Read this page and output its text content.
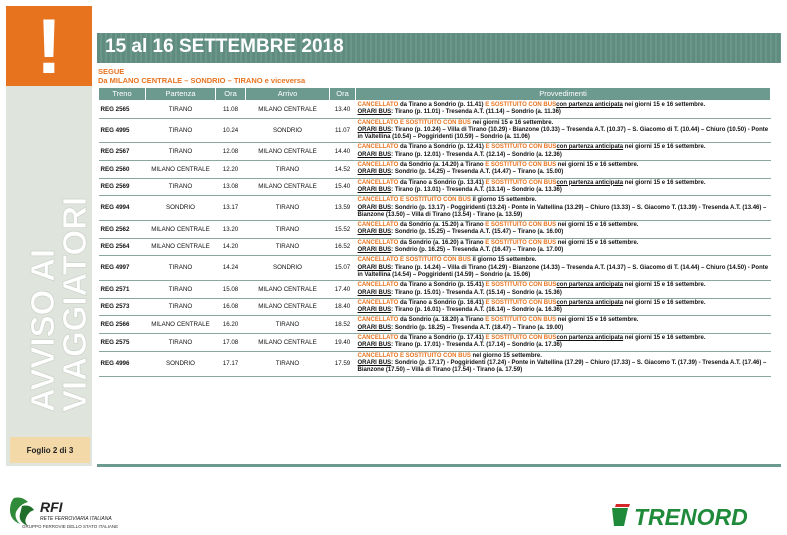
!
AVVISO AI
VIAGGIATORI
Foglio 2 di 3
15 al 16 SETTEMBRE 2018
SEGUE
Da MILANO CENTRALE – SONDRIO – TIRANO e viceversa
Treno	Partenza	Ora	Arrivo	Ora	Provvedimenti
REG 2565	TIRANO	11.08	MILANO CENTRALE	13.40	CANCELLATO da Tirano a Sondrio (p. 11.41) E SOSTITUITO CON BUScon partenza anticipata nei giorni 15 e 16 settembre.
ORARI BUS: Tirano (p. 11.01) - Tresenda A.T. (11.14) – Sondrio (a. 11.36)
REG 4995	TIRANO	10.24	SONDRIO	11.07	CANCELLATO E SOSTITUITO CON BUS nei giorni 15 e 16 settembre.
ORARI BUS: Tirano (p. 10.24) – Villa di Tirano (10.29) - Bianzone (10.33) – Tresenda A.T. (10.37) – S. Giacomo di T. (10.44) – Chiuro (10.50) - Ponte in Valtellina (10.54) – Poggiridenti (10.59) – Sondrio (a. 11.06)
REG 2567	TIRANO	12.08	MILANO CENTRALE	14.40	CANCELLATO da Tirano a Sondrio (p. 12.41) E SOSTITUITO CON BUScon partenza anticipata nei giorni 15 e 16 settembre.
ORARI BUS: Tirano (p. 12.01) - Tresenda A.T. (12.14) – Sondrio (a. 12.36)
REG 2560	MILANO CENTRALE	12.20	TIRANO	14.52	CANCELLATO da Sondrio (a. 14.20) a Tirano E SOSTITUITO CON BUS nei giorni 15 e 16 settembre.
ORARI BUS: Sondrio (p. 14.25) – Tresenda A.T. (14.47) – Tirano (a. 15.00)
REG 2569	TIRANO	13.08	MILANO CENTRALE	15.40	CANCELLATO da Tirano a Sondrio (p. 13.41) E SOSTITUITO CON BUScon partenza anticipata nei giorni 15 e 16 settembre.
ORARI BUS: Tirano (p. 13.01) - Tresenda A.T. (13.14) – Sondrio (a. 13.36)
REG 4994	SONDRIO	13.17	TIRANO	13.59	CANCELLATO E SOSTITUITO CON BUS il giorno 15 settembre.
ORARI BUS: Sondrio (p. 13.17) - Poggiridenti (13.24) - Ponte in Valtellina (13.29) – Chiuro (13.33) – S. Giacomo T. (13.39) - Tresenda A.T. (13.46) – Bianzone (13.50) – Villa di Tirano (13.54) - Tirano (a. 13.59)
REG 2562	MILANO CENTRALE	13.20	TIRANO	15.52	CANCELLATO da Sondrio (a. 15.20) a Tirano E SOSTITUITO CON BUS nei giorni 15 e 16 settembre.
ORARI BUS: Sondrio (p. 15.25) – Tresenda A.T. (15.47) – Tirano (a. 16.00)
REG 2564	MILANO CENTRALE	14.20	TIRANO	16.52	CANCELLATO da Sondrio (a. 16.20) a Tirano E SOSTITUITO CON BUS nei giorni 15 e 16 settembre.
ORARI BUS: Sondrio (p. 16.25) – Tresenda A.T. (16.47) – Tirano (a. 17.00)
REG 4997	TIRANO	14.24	SONDRIO	15.07	CANCELLATO E SOSTITUITO CON BUS il giorno 15 settembre.
ORARI BUS: Tirano (p. 14.24) – Villa di Tirano (14.29) - Bianzone (14.33) – Tresenda A.T. (14.37) – S. Giacomo di T. (14.44) – Chiuro (14.50) - Ponte in Valtellina (14.54) – Poggiridenti (14.59) – Sondrio (a. 15.06)
REG 2571	TIRANO	15.08	MILANO CENTRALE	17.40	CANCELLATO da Tirano a Sondrio (p. 15.41) E SOSTITUITO CON BUScon partenza anticipata nei giorni 15 e 16 settembre.
ORARI BUS: Tirano (p. 15.01) - Tresenda A.T. (15.14) – Sondrio (a. 15.36)
REG 2573	TIRANO	16.08	MILANO CENTRALE	18.40	CANCELLATO da Tirano a Sondrio (p. 16.41) E SOSTITUITO CON BUScon partenza anticipata nei giorni 15 e 16 settembre.
ORARI BUS: Tirano (p. 16.01) - Tresenda A.T. (16.14) – Sondrio (a. 16.36)
REG 2566	MILANO CENTRALE	16.20	TIRANO	18.52	CANCELLATO da Sondrio (a. 18.20) a Tirano E SOSTITUITO CON BUS nei giorni 15 e 16 settembre.
ORARI BUS: Sondrio (p. 18.25) – Tresenda A.T. (18.47) – Tirano (a. 19.00)
REG 2575	TIRANO	17.08	MILANO CENTRALE	19.40	CANCELLATO da Tirano a Sondrio (p. 17.41) E SOSTITUITO CON BUScon partenza anticipata nei giorni 15 e 16 settembre.
ORARI BUS: Tirano (p. 17.01) - Tresenda A.T. (17.14) – Sondrio (a. 17.36)
REG 4996	SONDRIO	17.17	TIRANO	17.59	CANCELLATO E SOSTITUITO CON BUS nel giorno 15 settembre.
ORARI BUS: Sondrio (p. 17.17) - Poggiridenti (17.24) - Ponte in Valtellina (17.29) – Chiuro (17.33) – S. Giacomo T. (17.39) - Tresenda A.T. (17.46) – Bianzone (17.50) – Villa di Tirano (17.54) - Tirano (a. 17.59)
RFI
RETE FERROVIARIA ITALIANA
GRUPPO FERROVIE DELLO STATO ITALIANE	TRENORD
